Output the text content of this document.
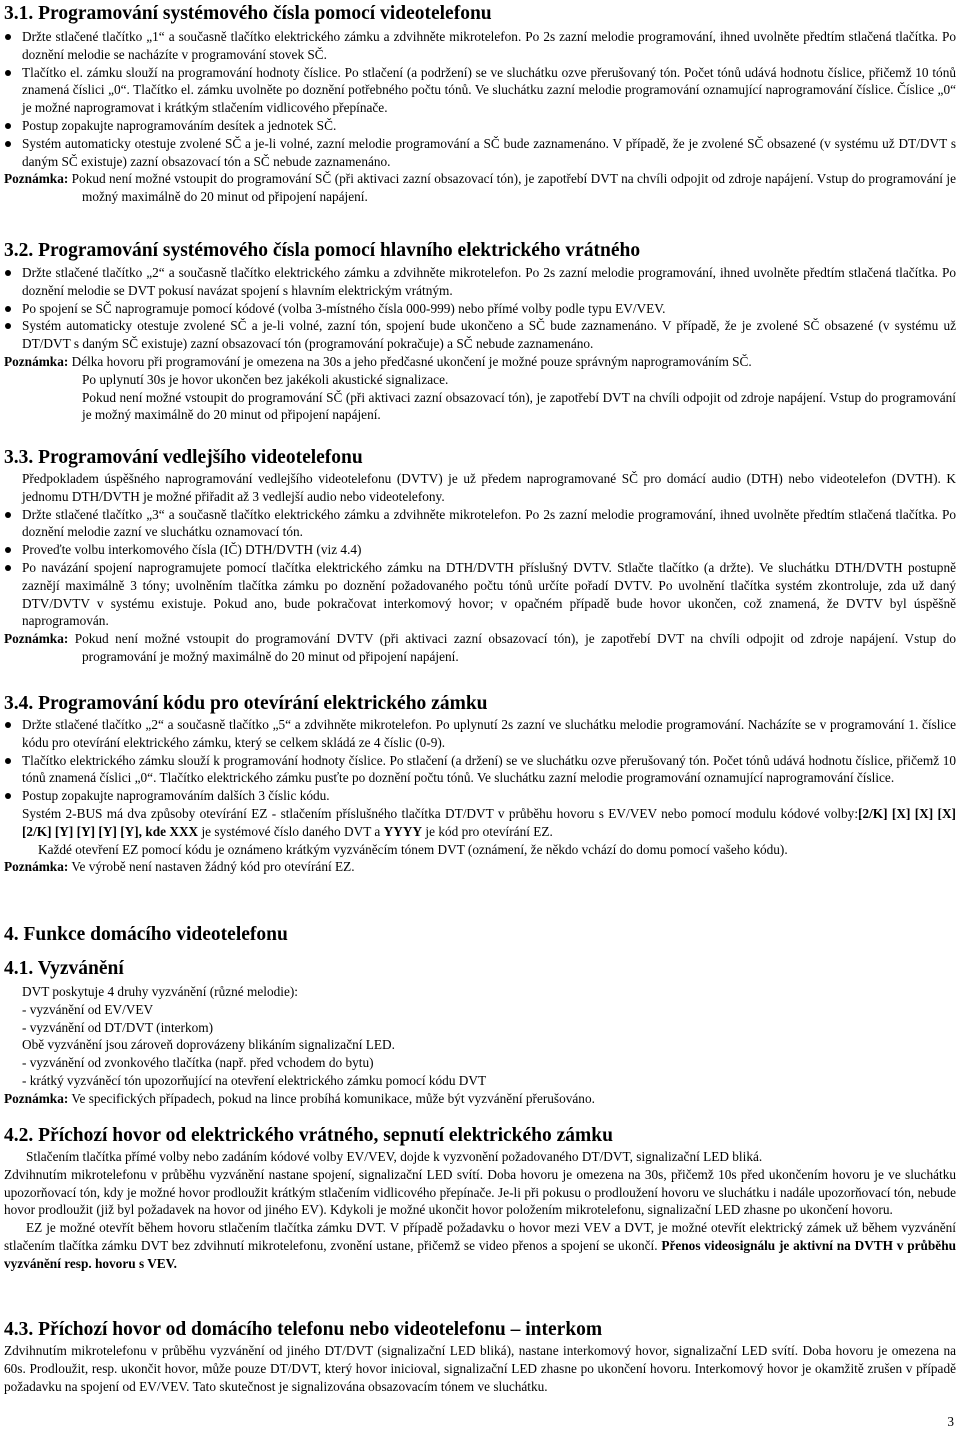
3.1. Programování systémového čísla pomocí videotelefonu
Držte stlačené tlačítko „1“ a současně tlačítko elektrického zámku a zdvihněte mikrotelefon. Po 2s zazní melodie programování, ihned uvolněte předtím stlačená tlačítka. Po doznění melodie se nacházíte v programování stovek SČ.
Tlačítko el. zámku slouží na programování hodnoty číslice. Po stlačení (a podržení) se ve sluchátku ozve přerušovaný tón. Počet tónů udává hodnotu číslice, přičemž 10 tónů znamená číslici „0“. Tlačítko el. zámku uvolněte po doznění potřebného počtu tónů. Ve sluchátku zazní melodie programování oznamující naprogramování číslice. Číslice „0“ je možné naprogramovat i krátkým stlačením vidlicového přepínače.
Postup zopakujte naprogramováním desítek a jednotek SČ.
Systém automaticky otestuje zvolené SČ a je-li volné, zazní melodie programování a SČ bude zaznamenáno. V případě, že je zvolené SČ obsazené (v systému už DT/DVT s daným SČ existuje) zazní obsazovací tón a SČ nebude zaznamenáno.

Poznámka: Pokud není možné vstoupit do programování SČ (při aktivaci zazní obsazovací tón), je zapotřebí DVT na chvíli odpojit od zdroje napájení. Vstup do programování je možný maximálně do 20 minut od připojení napájení.

3.2. Programování systémového čísla pomocí hlavního elektrického vrátného
Držte stlačené tlačítko „2“ a současně tlačítko elektrického zámku a zdvihněte mikrotelefon. Po 2s zazní melodie programování, ihned uvolněte předtím stlačená tlačítka. Po doznění melodie se DVT pokusí navázat spojení s hlavním elektrickým vrátným.
Po spojení se SČ naprogramuje pomocí kódové (volba 3-místného čísla 000-999) nebo přímé volby podle typu EV/VEV.
Systém automaticky otestuje zvolené SČ a je-li volné, zazní tón, spojení bude ukončeno a SČ bude zaznamenáno. V případě, že je zvolené SČ obsazené (v systému už DT/DVT s daným SČ existuje) zazní obsazovací tón (programování pokračuje) a SČ nebude zaznamenáno.

Poznámka: Délka hovoru při programování je omezena na 30s a jeho předčasné ukončení je možné pouze správným naprogramováním SČ.

Po uplynutí 30s je hovor ukončen bez jakékoli akustické signalizace.

Pokud není možné vstoupit do programování SČ (při aktivaci zazní obsazovací tón), je zapotřebí DVT na chvíli odpojit od zdroje napájení. Vstup do programování je možný maximálně do 20 minut od připojení napájení.

3.3. Programování vedlejšího videotelefonu

Předpokladem úspěšného naprogramování vedlejšího videotelefonu (DVTV) je už předem naprogramované SČ pro domácí audio (DTH) nebo videotelefon (DVTH). K jednomu DTH/DVTH je možné přiřadit až 3 vedlejší audio nebo videotelefony.

Držte stlačené tlačítko „3“ a současně tlačítko elektrického zámku a zdvihněte mikrotelefon. Po 2s zazní melodie programování, ihned uvolněte předtím stlačená tlačítka. Po doznění melodie zazní ve sluchátku oznamovací tón.
Proveďte volbu interkomového čísla (IČ) DTH/DVTH (viz 4.4)
Po navázání spojení naprogramujete pomocí tlačítka elektrického zámku na DTH/DVTH příslušný DVTV. Stlačte tlačítko (a držte). Ve sluchátku DTH/DVTH postupně zaznějí maximálně 3 tóny; uvolněním tlačítka zámku po doznění požadovaného počtu tónů určíte pořadí DVTV. Po uvolnění tlačítka systém zkontroluje, zda už daný DTV/DVTV v systému existuje. Pokud ano, bude pokračovat interkomový hovor; v opačném případě bude hovor ukončen, což znamená, že DVTV byl úspěšně naprogramován.

Poznámka: Pokud není možné vstoupit do programování DVTV (při aktivaci zazní obsazovací tón), je zapotřebí DVT na chvíli odpojit od zdroje napájení. Vstup do programování je možný maximálně do 20 minut od připojení napájení.

3.4. Programování kódu pro otevírání elektrického zámku
Držte stlačené tlačítko „2“ a současně tlačítko „5“ a zdvihněte mikrotelefon. Po uplynutí 2s zazní ve sluchátku melodie programování. Nacházíte se v programování 1. číslice kódu pro otevírání elektrického zámku, který se celkem skládá ze 4 číslic (0-9).
Tlačítko elektrického zámku slouží k programování hodnoty číslice. Po stlačení (a držení) se ve sluchátku ozve přerušovaný tón. Počet tónů udává hodnotu číslice, přičemž 10 tónů znamená číslici „0“. Tlačítko elektrického zámku pusťte po doznění počtu tónů. Ve sluchátku zazní melodie programování oznamující naprogramování číslice.
Postup zopakujte naprogramováním dalších 3 číslic kódu.

Systém 2-BUS má dva způsoby otevírání EZ - stlačením příslušného tlačítka DT/DVT v průběhu hovoru s EV/VEV nebo pomocí modulu kódové volby:[2/K] [X] [X] [X] [2/K] [Y] [Y] [Y] [Y], kde XXX je systémové číslo daného DVT a YYYY je kód pro otevírání EZ.

Každé otevření EZ pomocí kódu je oznámeno krátkým vyzváněcím tónem DVT (oznámení, že někdo vchází do domu pomocí vašeho kódu).

Poznámka: Ve výrobě není nastaven žádný kód pro otevírání EZ.

4. Funkce domácího videotelefonu
4.1. Vyzvánění

DVT poskytuje 4 druhy vyzvánění (různé melodie):

- vyzvánění od EV/VEV

- vyzvánění od DT/DVT (interkom)

Obě vyzvánění jsou zároveň doprovázeny blikáním signalizační LED.

- vyzvánění od zvonkového tlačítka (např. před vchodem do bytu)

- krátký vyzváněcí tón upozorňující na otevření elektrického zámku pomocí kódu DVT

Poznámka: Ve specifických případech, pokud na lince probíhá komunikace, může být vyzvánění přerušováno.

4.2. Příchozí hovor od elektrického vrátného, sepnutí elektrického zámku

Stlačením tlačítka přímé volby nebo zadáním kódové volby EV/VEV, dojde k vyzvonění požadovaného DT/DVT, signalizační LED bliká.

Zdvihnutím mikrotelefonu v průběhu vyzvánění nastane spojení, signalizační LED svítí. Doba hovoru je omezena na 30s, přičemž 10s před ukončením hovoru je ve sluchátku upozorňovací tón, kdy je možné hovor prodloužit krátkým stlačením vidlicového přepínače. Je-li při pokusu o prodloužení hovoru ve sluchátku i nadále upozorňovací tón, nebude hovor prodloužit (již byl požadavek na hovor od jiného EV). Kdykoli je možné ukončit hovor položením mikrotelefonu, signalizační LED zhasne po ukončení hovoru.

EZ je možné otevřít během hovoru stlačením tlačítka zámku DVT. V případě požadavku o hovor mezi VEV a DVT, je možné otevřít elektrický zámek už během vyzvánění stlačením tlačítka zámku DVT bez zdvihnutí mikrotelefonu, zvonění ustane, přičemž se video přenos a spojení se ukončí. Přenos videosignálu je aktivní na DVTH v průběhu vyzvánění resp. hovoru s VEV.

4.3. Příchozí hovor od domácího telefonu nebo videotelefonu – interkom

Zdvihnutím mikrotelefonu v průběhu vyzvánění od jiného DT/DVT (signalizační LED bliká), nastane interkomový hovor, signalizační LED svítí. Doba hovoru je omezena na 60s. Prodloužit, resp. ukončit hovor, může pouze DT/DVT, který hovor inicioval, signalizační LED zhasne po ukončení hovoru. Interkomový hovor je okamžitě zrušen v případě požadavku na spojení od EV/VEV. Tato skutečnost je signalizována obsazovacím tónem ve sluchátku.

3
